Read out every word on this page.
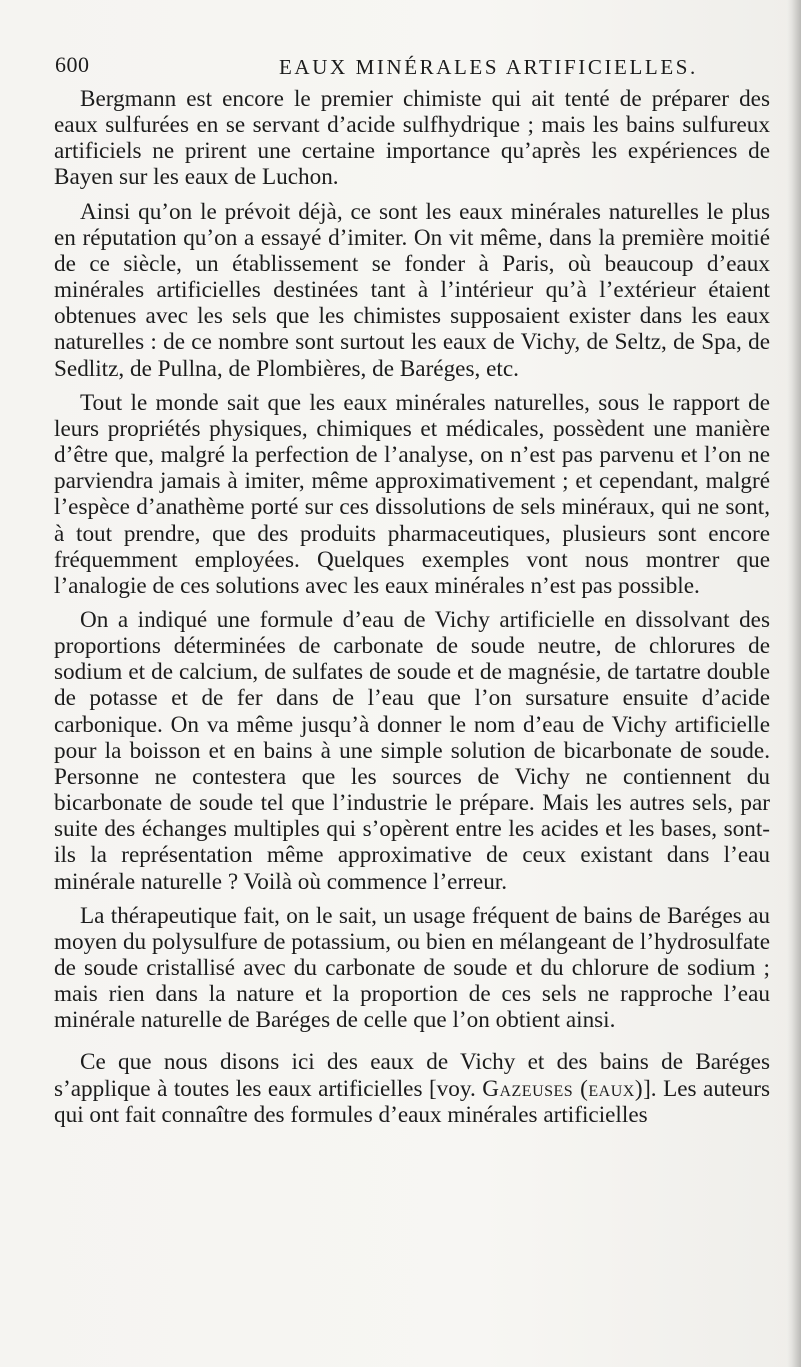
600	EAUX MINÉRALES ARTIFICIELLES.

Bergmann est encore le premier chimiste qui ait tenté de préparer des eaux sulfurées en se servant d’acide sulfhydrique ; mais les bains sulfureux artificiels ne prirent une certaine importance qu’après les expériences de Bayen sur les eaux de Luchon.

Ainsi qu’on le prévoit déjà, ce sont les eaux minérales naturelles le plus en réputation qu’on a essayé d’imiter. On vit même, dans la première moitié de ce siècle, un établissement se fonder à Paris, où beaucoup d’eaux minérales artificielles destinées tant à l’intérieur qu’à l’extérieur étaient obtenues avec les sels que les chimistes supposaient exister dans les eaux naturelles : de ce nombre sont surtout les eaux de Vichy, de Seltz, de Spa, de Sedlitz, de Pullna, de Plombières, de Baréges, etc.

Tout le monde sait que les eaux minérales naturelles, sous le rapport de leurs propriétés physiques, chimiques et médicales, possèdent une manière d’être que, malgré la perfection de l’analyse, on n’est pas parvenu et l’on ne parviendra jamais à imiter, même approximativement ; et cependant, malgré l’espèce d’anathème porté sur ces dissolutions de sels minéraux, qui ne sont, à tout prendre, que des produits pharmaceutiques, plusieurs sont encore fréquemment employées. Quelques exemples vont nous montrer que l’analogie de ces solutions avec les eaux minérales n’est pas possible.

On a indiqué une formule d’eau de Vichy artificielle en dissolvant des proportions déterminées de carbonate de soude neutre, de chlorures de sodium et de calcium, de sulfates de soude et de magnésie, de tartatre double de potasse et de fer dans de l’eau que l’on sursature ensuite d’acide carbonique. On va même jusqu’à donner le nom d’eau de Vichy artificielle pour la boisson et en bains à une simple solution de bicarbonate de soude. Personne ne contestera que les sources de Vichy ne contiennent du bicarbonate de soude tel que l’industrie le prépare. Mais les autres sels, par suite des échanges multiples qui s’opèrent entre les acides et les bases, sont-ils la représentation même approximative de ceux existant dans l’eau minérale naturelle ? Voilà où commence l’erreur.

La thérapeutique fait, on le sait, un usage fréquent de bains de Baréges au moyen du polysulfure de potassium, ou bien en mélangeant de l’hydrosulfate de soude cristallisé avec du carbonate de soude et du chlorure de sodium ; mais rien dans la nature et la proportion de ces sels ne rapproche l’eau minérale naturelle de Baréges de celle que l’on obtient ainsi.

Ce que nous disons ici des eaux de Vichy et des bains de Baréges s’applique à toutes les eaux artificielles [voy. Gazeuses (eaux)]. Les auteurs qui ont fait connaître des formules d’eaux minérales artificielles
